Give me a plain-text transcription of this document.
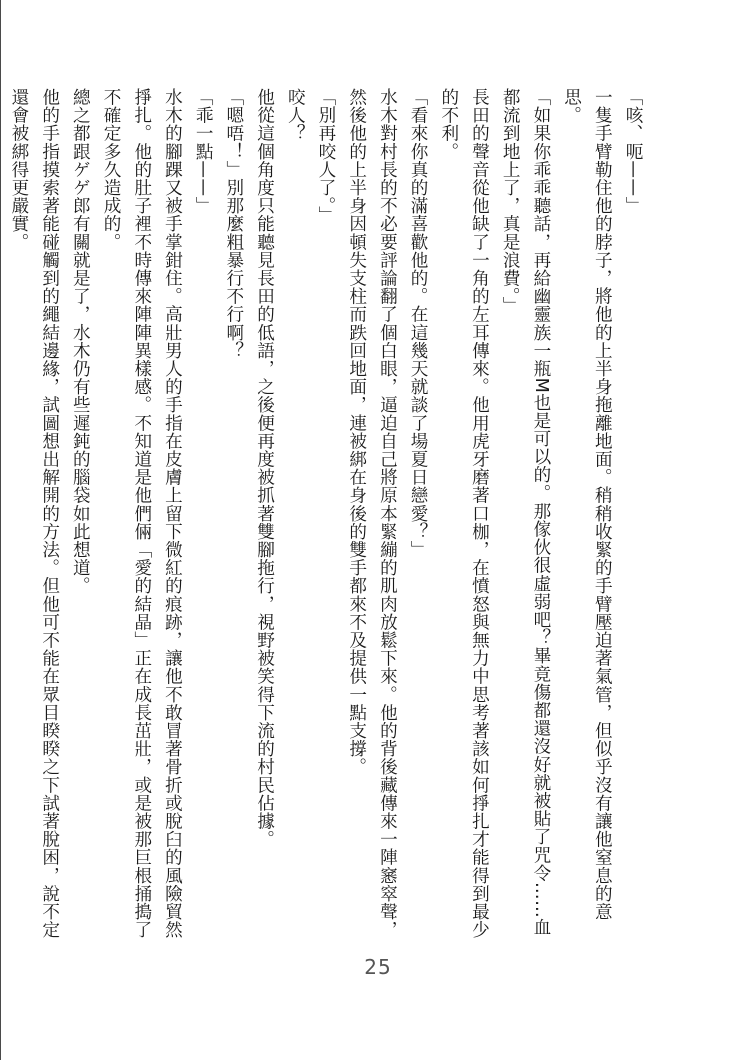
「咳、呃——」

一隻手臂勒住他的脖子，將他的上半身拖離地面。稍稍收緊的手臂壓迫著氣管，但似乎沒有讓他窒息的意思。

「如果你乖乖聽話，再給幽靈族一瓶M也是可以的。那傢伙很虛弱吧？畢竟傷都還沒好就被貼了咒令……血都流到地上了，真是浪費。」

長田的聲音從他缺了一角的左耳傳來。他用虎牙磨著口枷，在憤怒與無力中思考著該如何掙扎才能得到最少的不利。

「看來你真的滿喜歡他的。在這幾天就談了場夏日戀愛？」

水木對村長的不必要評論翻了個白眼，逼迫自己將原本緊繃的肌肉放鬆下來。他的背後藏傳來一陣窸窣聲，然後他的上半身因頓失支柱而跌回地面，連被綁在身後的雙手都來不及提供一點支撐。

「別再咬人了。」

咬人？

他從這個角度只能聽見長田的低語，之後便再度被抓著雙腳拖行，視野被笑得下流的村民佔據。

「嗯唔！」別那麼粗暴行不行啊？

「乖一點——」

水木的腳踝又被手掌鉗住。高壯男人的手指在皮膚上留下微紅的痕跡，讓他不敢冒著骨折或脫臼的風險貿然掙扎。他的肚子裡不時傳來陣陣異樣感。不知道是他們倆「愛的結晶」正在成長茁壯，或是被那巨根捅搗了不確定多久造成的。

總之都跟ゲゲ郎有關就是了，水木仍有些遲鈍的腦袋如此想道。

他的手指摸索著能碰觸到的繩結邊緣，試圖想出解開的方法。但他可不能在眾目睽睽之下試著脫困，說不定還會被綁得更嚴實。

25
